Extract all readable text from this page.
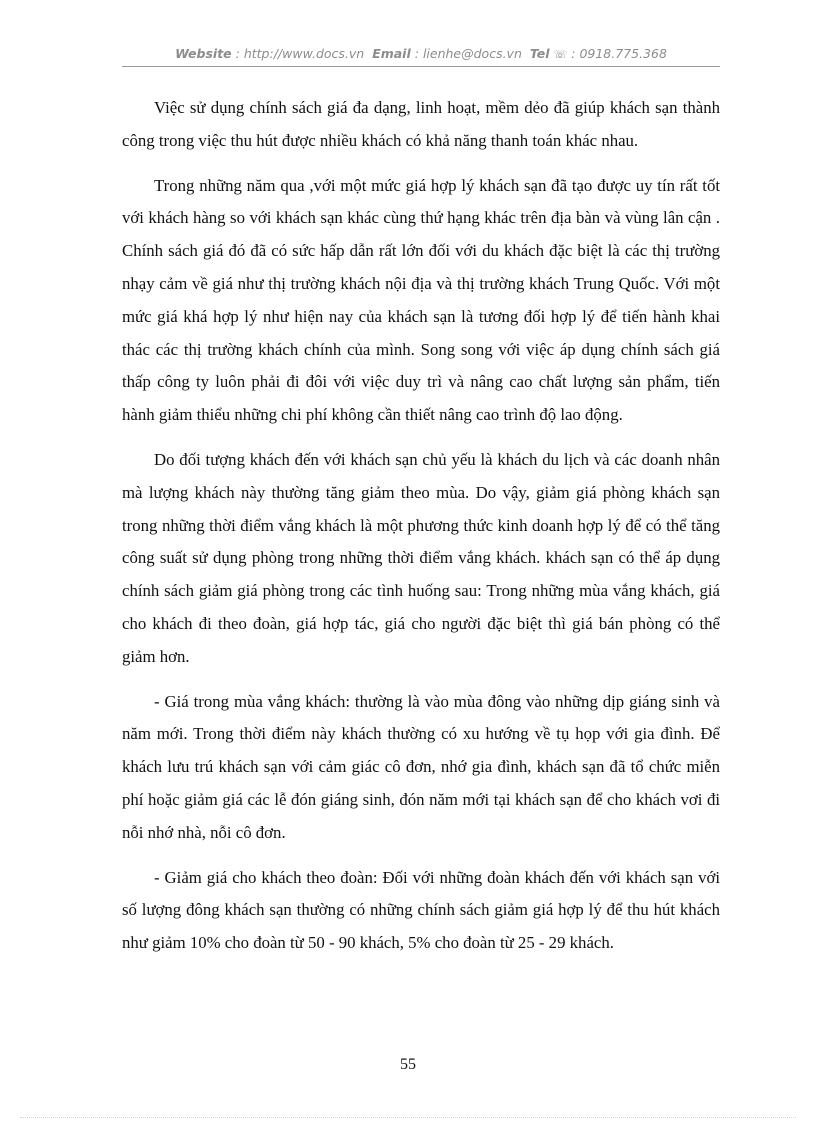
Website : http://www.docs.vn Email : lienhe@docs.vn Tel ☏ : 0918.775.368

Việc sử dụng chính sách giá đa dạng, linh hoạt, mềm dẻo đã giúp khách sạn thành công trong việc thu hút được nhiều khách có khả năng thanh toán khác nhau.

Trong những năm qua ,với một mức giá hợp lý khách sạn đã tạo được uy tín rất tốt với khách hàng so với khách sạn khác cùng thứ hạng khác trên địa bàn và vùng lân cận . Chính sách giá đó đã có sức hấp dẫn rất lớn đối với du khách đặc biệt là các thị trường nhạy cảm về giá như thị trường khách nội địa và thị trường khách Trung Quốc. Với một mức giá khá hợp lý như hiện nay của khách sạn là tương đối hợp lý để tiến hành khai thác các thị trường khách chính của mình. Song song với việc áp dụng chính sách giá thấp công ty luôn phải đi đôi với việc duy trì và nâng cao chất lượng sản phẩm, tiến hành giảm thiểu những chi phí không cần thiết nâng cao trình độ lao động.

Do đối tượng khách đến với khách sạn chủ yếu là khách du lịch và các doanh nhân mà lượng khách này thường tăng giảm theo mùa. Do vậy, giảm giá phòng khách sạn trong những thời điểm vắng khách là một phương thức kinh doanh hợp lý để có thể tăng công suất sử dụng phòng trong những thời điểm vắng khách. khách sạn có thể áp dụng chính sách giảm giá phòng trong các tình huống sau: Trong những mùa vắng khách, giá cho khách đi theo đoàn, giá hợp tác, giá cho người đặc biệt thì giá bán phòng có thể giảm hơn.

- Giá trong mùa vắng khách: thường là vào mùa đông vào những dịp giáng sinh và năm mới. Trong thời điểm này khách thường có xu hướng về tụ họp với gia đình. Để khách lưu trú khách sạn với cảm giác cô đơn, nhớ gia đình, khách sạn đã tổ chức miễn phí hoặc giảm giá các lễ đón giáng sinh, đón năm mới tại khách sạn để cho khách vơi đi nỗi nhớ nhà, nỗi cô đơn.

- Giảm giá cho khách theo đoàn: Đối với những đoàn khách đến với khách sạn với số lượng đông khách sạn thường có những chính sách giảm giá hợp lý để thu hút khách như giảm 10% cho đoàn từ 50 - 90 khách, 5% cho đoàn từ 25 - 29 khách.

55
